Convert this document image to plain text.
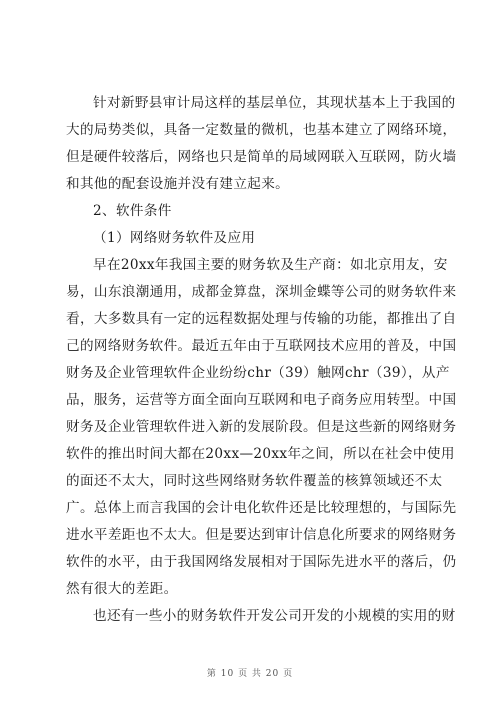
针对新野县审计局这样的基层单位，其现状基本上于我国的
大的局势类似，具备一定数量的微机，也基本建立了网络环境，
但是硬件较落后，网络也只是简单的局域网联入互联网，防火墙
和其他的配套设施并没有建立起来。
2、软件条件
（1）网络财务软件及应用
早在20xx年我国主要的财务软及生产商：如北京用友，安
易，山东浪潮通用，成都金算盘，深圳金蝶等公司的财务软件来
看，大多数具有一定的远程数据处理与传输的功能，都推出了自
己的网络财务软件。最近五年由于互联网技术应用的普及，中国
财务及企业管理软件企业纷纷chr（39）触网chr（39），从产
品，服务，运营等方面全面向互联网和电子商务应用转型。中国
财务及企业管理软件进入新的发展阶段。但是这些新的网络财务
软件的推出时间大都在20xx—20xx年之间，所以在社会中使用
的面还不太大，同时这些网络财务软件覆盖的核算领域还不太
广。总体上而言我国的会计电化软件还是比较理想的，与国际先
进水平差距也不太大。但是要达到审计信息化所要求的网络财务
软件的水平，由于我国网络发展相对于国际先进水平的落后，仍
然有很大的差距。
也还有一些小的财务软件开发公司开发的小规模的实用的财
第 10 页 共 20 页
